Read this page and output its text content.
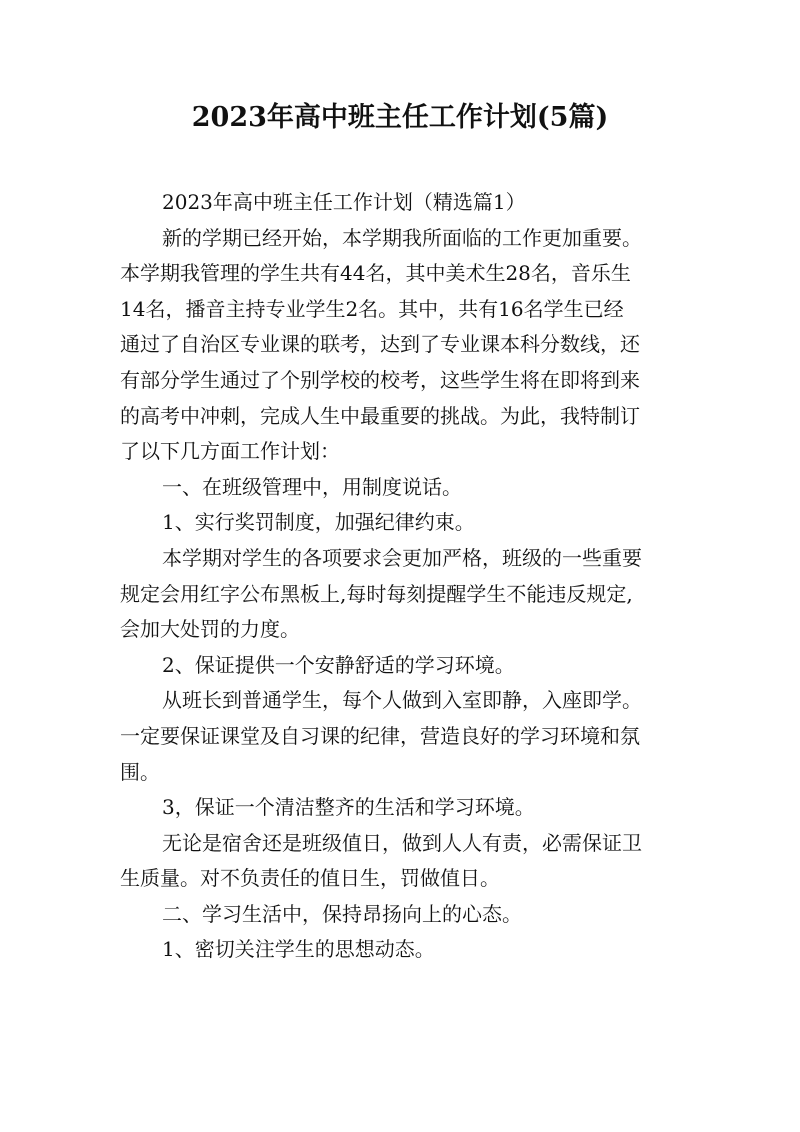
2023年高中班主任工作计划(5篇)
2023年高中班主任工作计划（精选篇1）
新的学期已经开始，本学期我所面临的工作更加重要。
本学期我管理的学生共有44名，其中美术生28名，音乐生
14名，播音主持专业学生2名。其中，共有16名学生已经
通过了自治区专业课的联考，达到了专业课本科分数线，还
有部分学生通过了个别学校的校考，这些学生将在即将到来
的高考中冲刺，完成人生中最重要的挑战。为此，我特制订
了以下几方面工作计划：
一、在班级管理中，用制度说话。
1、实行奖罚制度，加强纪律约束。
本学期对学生的各项要求会更加严格，班级的一些重要
规定会用红字公布黑板上,每时每刻提醒学生不能违反规定,
会加大处罚的力度。
2、保证提供一个安静舒适的学习环境。
从班长到普通学生，每个人做到入室即静，入座即学。
一定要保证课堂及自习课的纪律，营造良好的学习环境和氛
围。
3，保证一个清洁整齐的生活和学习环境。
无论是宿舍还是班级值日，做到人人有责，必需保证卫
生质量。对不负责任的值日生，罚做值日。
二、学习生活中，保持昂扬向上的心态。
1、密切关注学生的思想动态。
